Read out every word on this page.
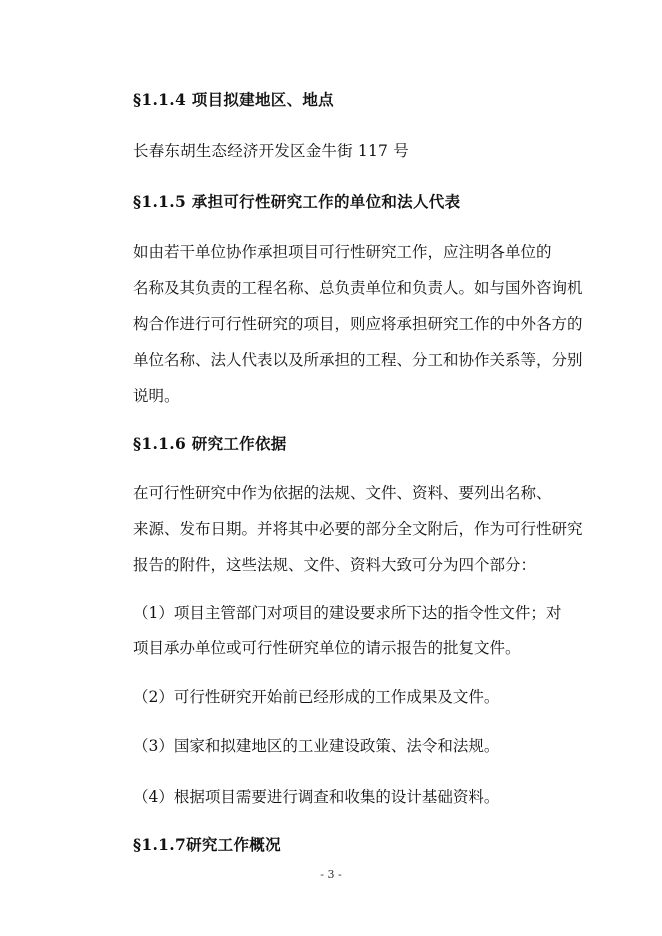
§1.1.4 项目拟建地区、地点
长春东胡生态经济开发区金牛街 117 号
§1.1.5 承担可行性研究工作的单位和法人代表
如由若干单位协作承担项目可行性研究工作，应注明各单位的
名称及其负责的工程名称、总负责单位和负责人。如与国外咨询机
构合作进行可行性研究的项目，则应将承担研究工作的中外各方的
单位名称、法人代表以及所承担的工程、分工和协作关系等，分别
说明。
§1.1.6 研究工作依据
在可行性研究中作为依据的法规、文件、资料、要列出名称、
来源、发布日期。并将其中必要的部分全文附后，作为可行性研究
报告的附件，这些法规、文件、资料大致可分为四个部分：
（1）项目主管部门对项目的建设要求所下达的指令性文件；对
项目承办单位或可行性研究单位的请示报告的批复文件。
（2）可行性研究开始前已经形成的工作成果及文件。
（3）国家和拟建地区的工业建设政策、法令和法规。
（4）根据项目需要进行调查和收集的设计基础资料。
§1.1.7研究工作概况
- 3 -
